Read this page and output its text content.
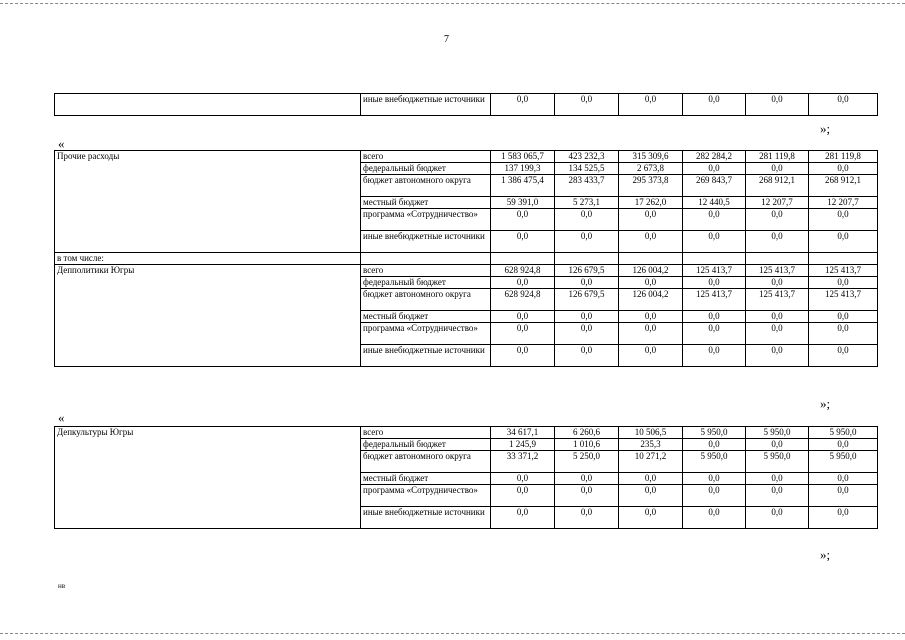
7
	иные внебюджетные источники	0,0	0,0	0,0	0,0	0,0	0,0
»;
«
Прочие расходы	всего	1 583 065,7	423 232,3	315 309,6	282 284,2	281 119,8	281 119,8
	федеральный бюджет	137 199,3	134 525,5	2 673,8	0,0	0,0	0,0
	бюджет автономного округа	1 386 475,4	283 433,7	295 373,8	269 843,7	268 912,1	268 912,1
	местный бюджет	59 391,0	5 273,1	17 262,0	12 440,5	12 207,7	12 207,7
	программа «Сотрудничество»	0,0	0,0	0,0	0,0	0,0	0,0
	иные внебюджетные источники	0,0	0,0	0,0	0,0	0,0	0,0
в том числе:							
Депполитики Югры	всего	628 924,8	126 679,5	126 004,2	125 413,7	125 413,7	125 413,7
	федеральный бюджет	0,0	0,0	0,0	0,0	0,0	0,0
	бюджет автономного округа	628 924,8	126 679,5	126 004,2	125 413,7	125 413,7	125 413,7
	местный бюджет	0,0	0,0	0,0	0,0	0,0	0,0
	программа «Сотрудничество»	0,0	0,0	0,0	0,0	0,0	0,0
	иные внебюджетные источники	0,0	0,0	0,0	0,0	0,0	0,0
»;
«
Депкультуры Югры	всего	34 617,1	6 260,6	10 506,5	5 950,0	5 950,0	5 950,0
	федеральный бюджет	1 245,9	1 010,6	235,3	0,0	0,0	0,0
	бюджет автономного округа	33 371,2	5 250,0	10 271,2	5 950,0	5 950,0	5 950,0
	местный бюджет	0,0	0,0	0,0	0,0	0,0	0,0
	программа «Сотрудничество»	0,0	0,0	0,0	0,0	0,0	0,0
	иные внебюджетные источники	0,0	0,0	0,0	0,0	0,0	0,0
»;
нв
